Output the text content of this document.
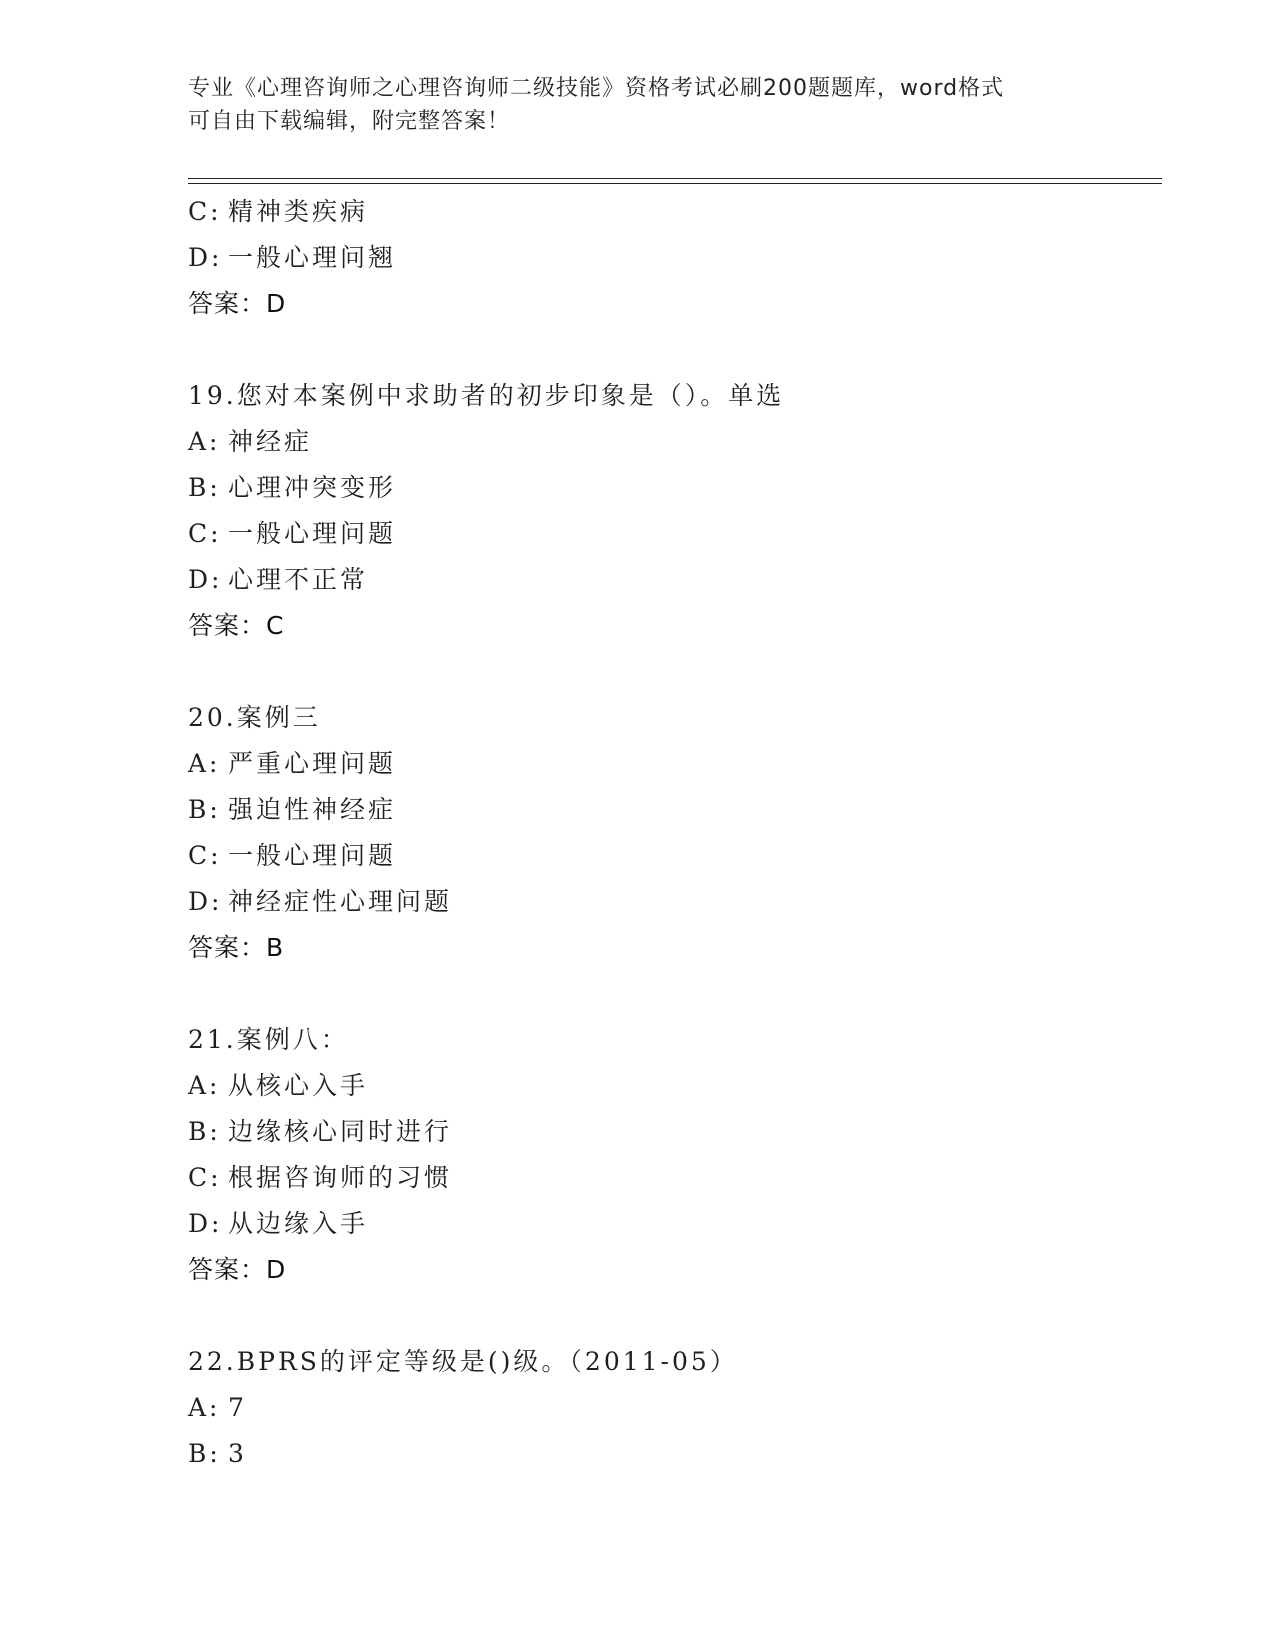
专业《心理咨询师之心理咨询师二级技能》资格考试必刷200题题库，word格式
可自由下载编辑，附完整答案！
C: 精神类疾病
D: 一般心理问翘
答案：D
19.您对本案例中求助者的初步印象是（）。单选
A: 神经症
B: 心理冲突变形
C: 一般心理问题
D: 心理不正常
答案：C
20.案例三
A: 严重心理问题
B: 强迫性神经症
C: 一般心理问题
D: 神经症性心理问题
答案：B
21.案例八：
A: 从核心入手
B: 边缘核心同时进行
C: 根据咨询师的习惯
D: 从边缘入手
答案：D
22.BPRS的评定等级是()级。（2011-05）
A: 7
B: 3
